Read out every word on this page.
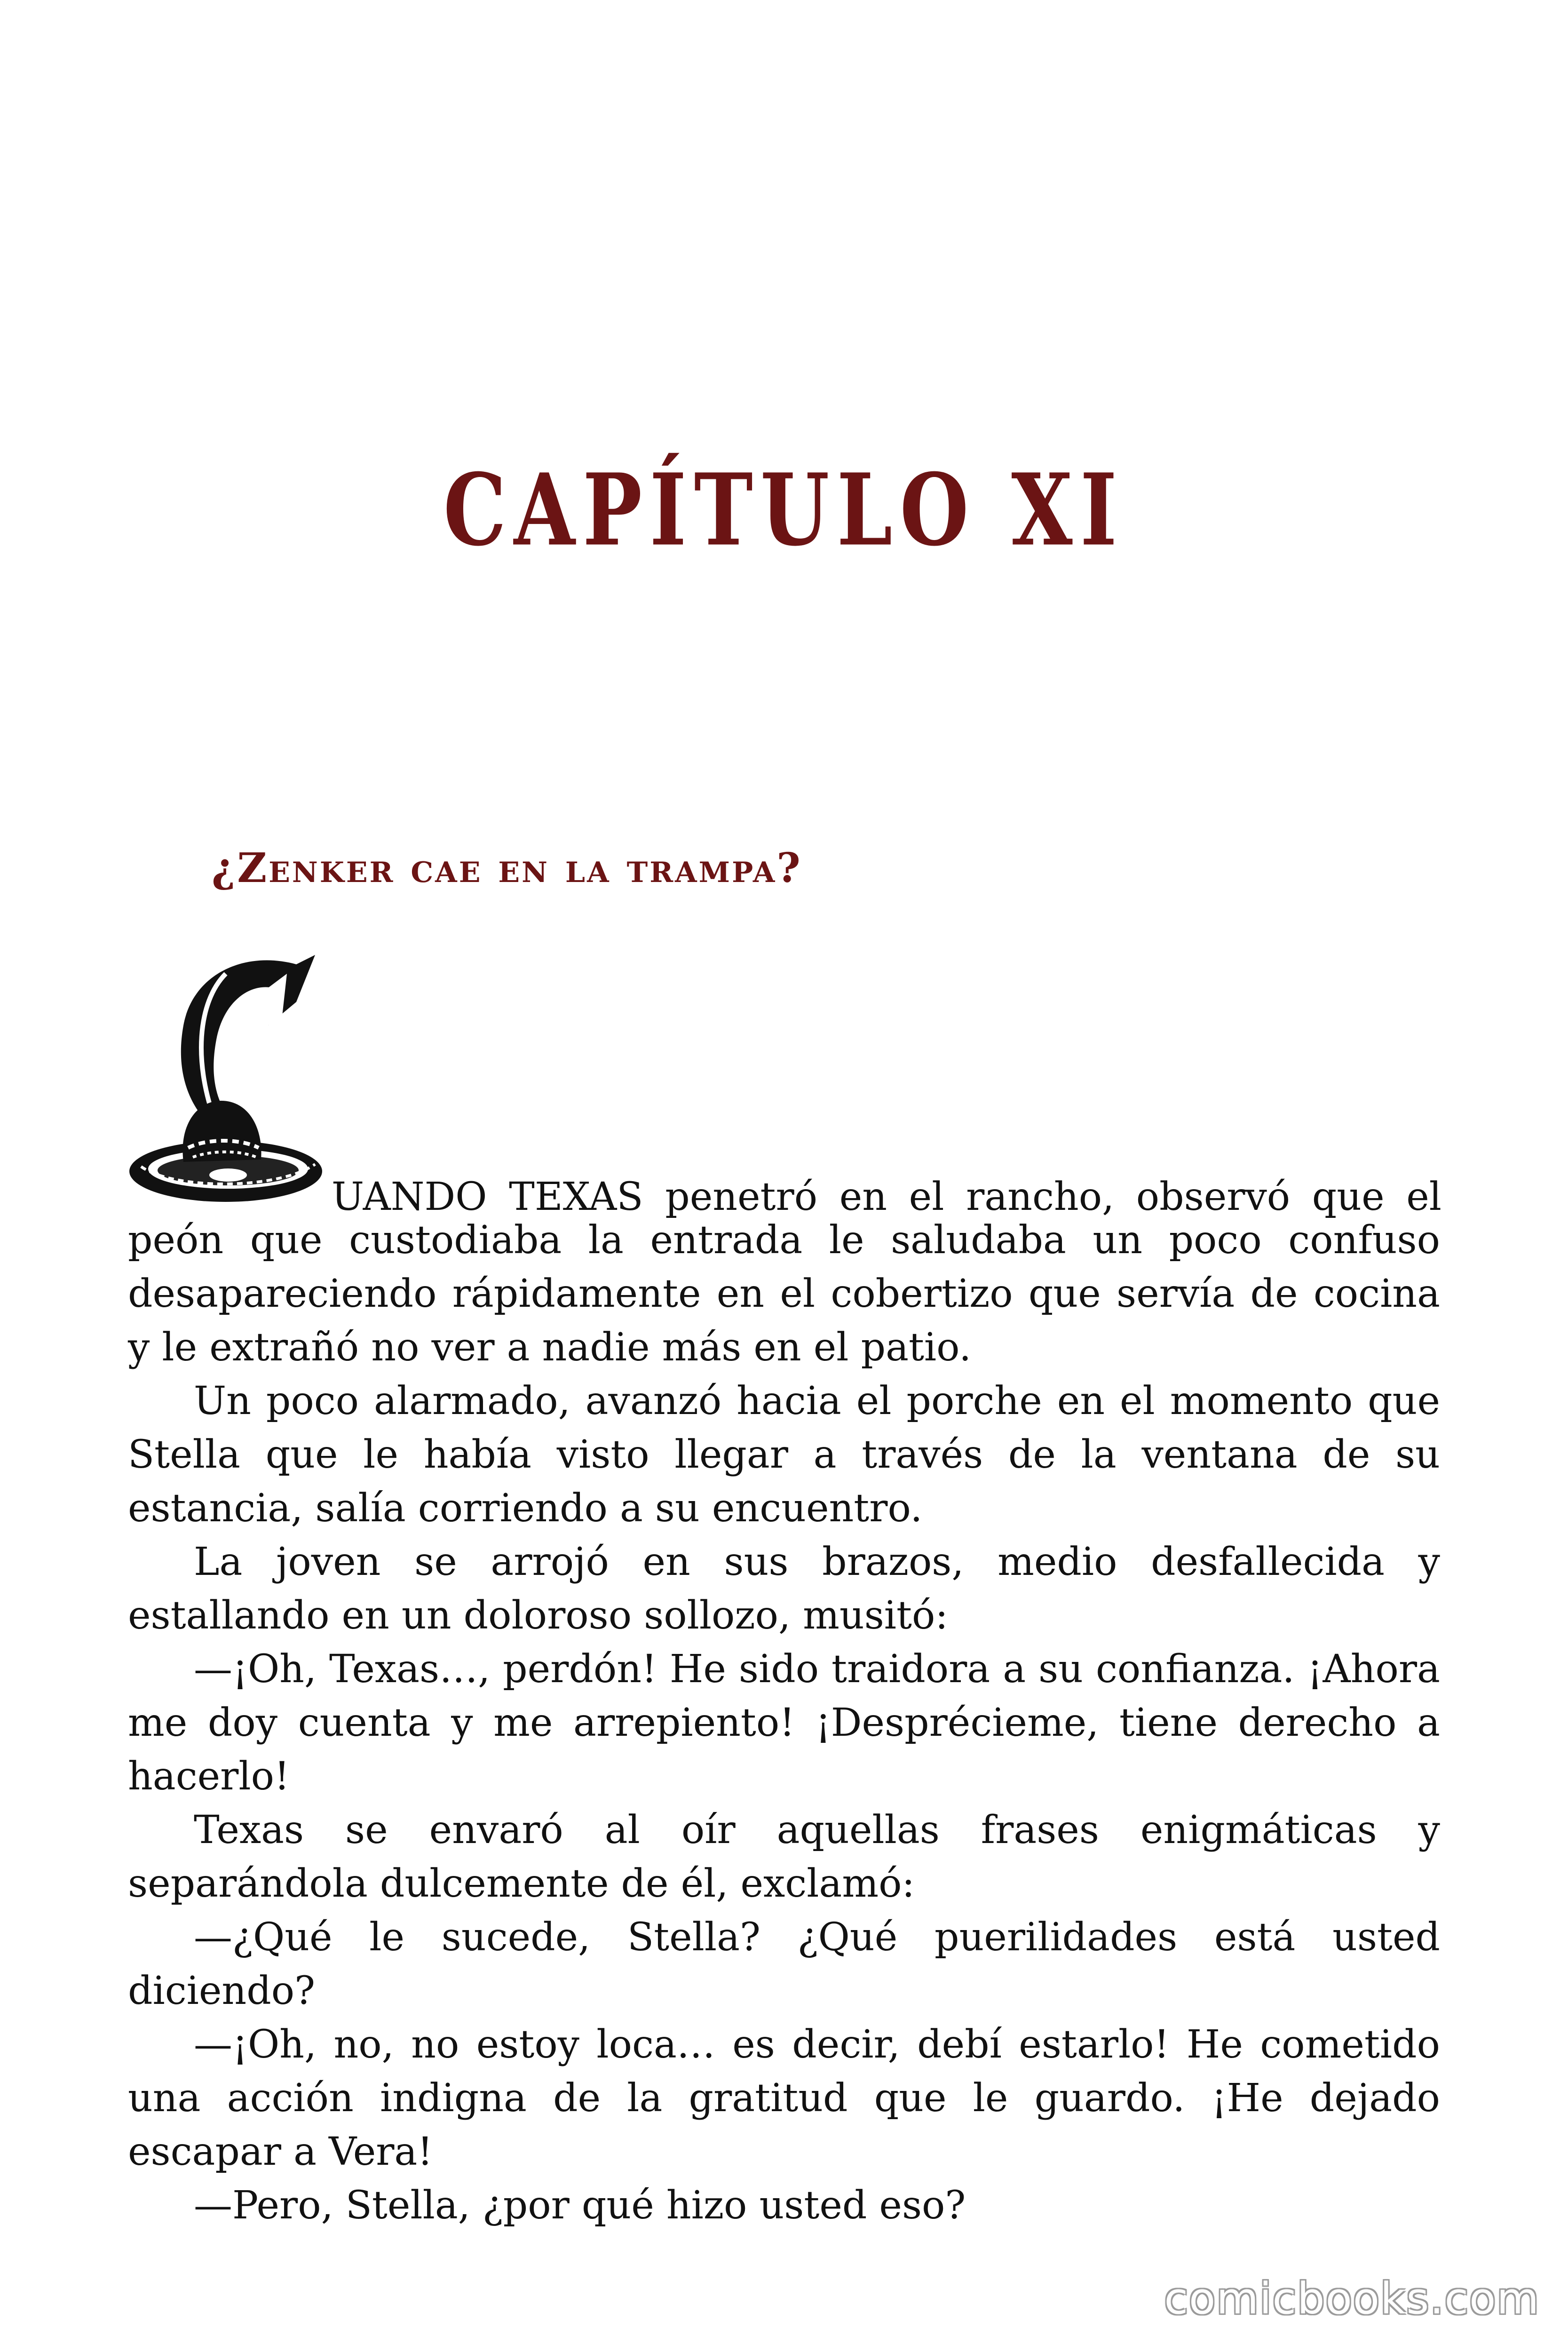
CAPÍTULO XI
¿Zenker cae en la trampa?
UANDO TEXAS penetró en el rancho, observó que el

peón que custodiaba la entrada le saludaba un poco confuso desapareciendo rápidamente en el cobertizo que servía de cocina y le extrañó no ver a nadie más en el patio.

Un poco alarmado, avanzó hacia el porche en el momento que Stella que le había visto llegar a través de la ventana de su estancia, salía corriendo a su encuentro.

La joven se arrojó en sus brazos, medio desfallecida y estallando en un doloroso sollozo, musitó:

—¡Oh, Texas…, perdón! He sido traidora a su confianza. ¡Ahora me doy cuenta y me arrepiento! ¡Desprécieme, tiene derecho a hacerlo!

Texas se envaró al oír aquellas frases enigmáticas y separándola dulcemente de él, exclamó:

—¿Qué le sucede, Stella? ¿Qué puerilidades está usted diciendo?

—¡Oh, no, no estoy loca… es decir, debí estarlo! He cometido una acción indigna de la gratitud que le guardo. ¡He dejado escapar a Vera!

—Pero, Stella, ¿por qué hizo usted eso?

comicbooks.com
